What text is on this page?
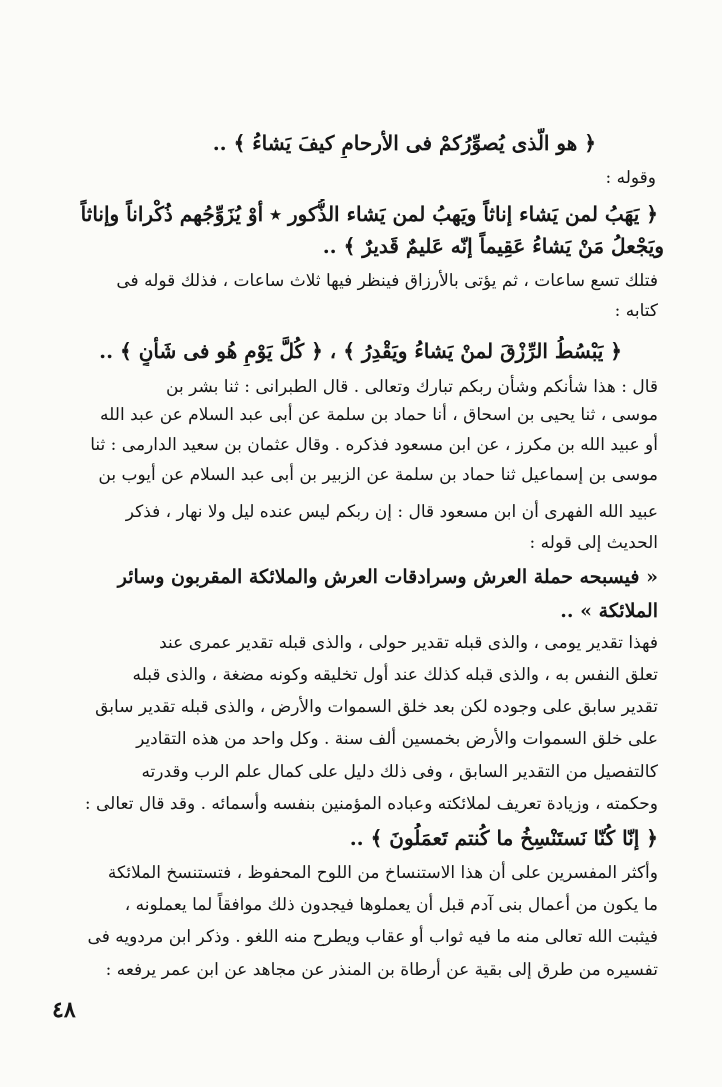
﴿ هو الّذى يُصوِّرُكمْ فى الأرحامِ كيفَ يَشاءُ ﴾ ..
وقوله :
﴿ يَهَبُ لمن يَشاء إناثاً ويَهبُ لمن يَشاء الذُّكور ٭ أوْ يُزَوِّجُهم ذُكْراناً وإناثاً
ويَجْعلُ مَنْ يَشاءُ عَقِيماً إنّه عَليمٌ قَديرٌ ﴾ ..
فتلك تسع ساعات ، ثم يؤتى بالأرزاق فينظر فيها ثلاث ساعات ، فذلك قوله فى
كتابه :
﴿ يَبْسُطُ الرِّزْقَ لمنْ يَشاءُ ويَقْدِرُ ﴾ ، ﴿ كُلَّ يَوْمٍ هُو فى شَأْنٍ ﴾ ..
قال : هذا شأنكم وشأن ربكم تبارك وتعالى . قال الطبرانى : ثنا بشر بن
موسى ، ثنا يحيى بن اسحاق ، أنا حماد بن سلمة عن أبى عبد السلام عن عبد الله
أو عبيد الله بن مكرز ، عن ابن مسعود فذكره . وقال عثمان بن سعيد الدارمى : ثنا
موسى بن إسماعيل ثنا حماد بن سلمة عن الزبير بن أبى عبد السلام عن أيوب بن
عبيد الله الفهرى أن ابن مسعود قال : إن ربكم ليس عنده ليل ولا نهار ، فذكر
الحديث إلى قوله :
« فيسبحه حملة العرش وسرادقات العرش والملائكة المقربون وسائر
الملائكة » ..
فهذا تقدير يومى ، والذى قبله تقدير حولى ، والذى قبله تقدير عمرى عند
تعلق النفس به ، والذى قبله كذلك عند أول تخليقه وكونه مضغة ، والذى قبله
تقدير سابق على وجوده لكن بعد خلق السموات والأرض ، والذى قبله تقدير سابق
على خلق السموات والأرض بخمسين ألف سنة . وكل واحد من هذه التقادير
كالتفصيل من التقدير السابق ، وفى ذلك دليل على كمال علم الرب وقدرته
وحكمته ، وزيادة تعريف لملائكته وعباده المؤمنين بنفسه وأسمائه . وقد قال تعالى :
﴿ إنّا كُنّا نَستَنْسِخُ ما كُنتم تَعمَلُونَ ﴾ ..
وأكثر المفسرين على أن هذا الاستنساخ من اللوح المحفوظ ، فتستنسخ الملائكة
ما يكون من أعمال بنى آدم قبل أن يعملوها فيجدون ذلك موافقاً لما يعملونه ،
فيثبت الله تعالى منه ما فيه ثواب أو عقاب ويطرح منه اللغو . وذكر ابن مردويه فى
تفسيره من طرق إلى بقية عن أرطاة بن المنذر عن مجاهد عن ابن عمر يرفعه :
٤٨
